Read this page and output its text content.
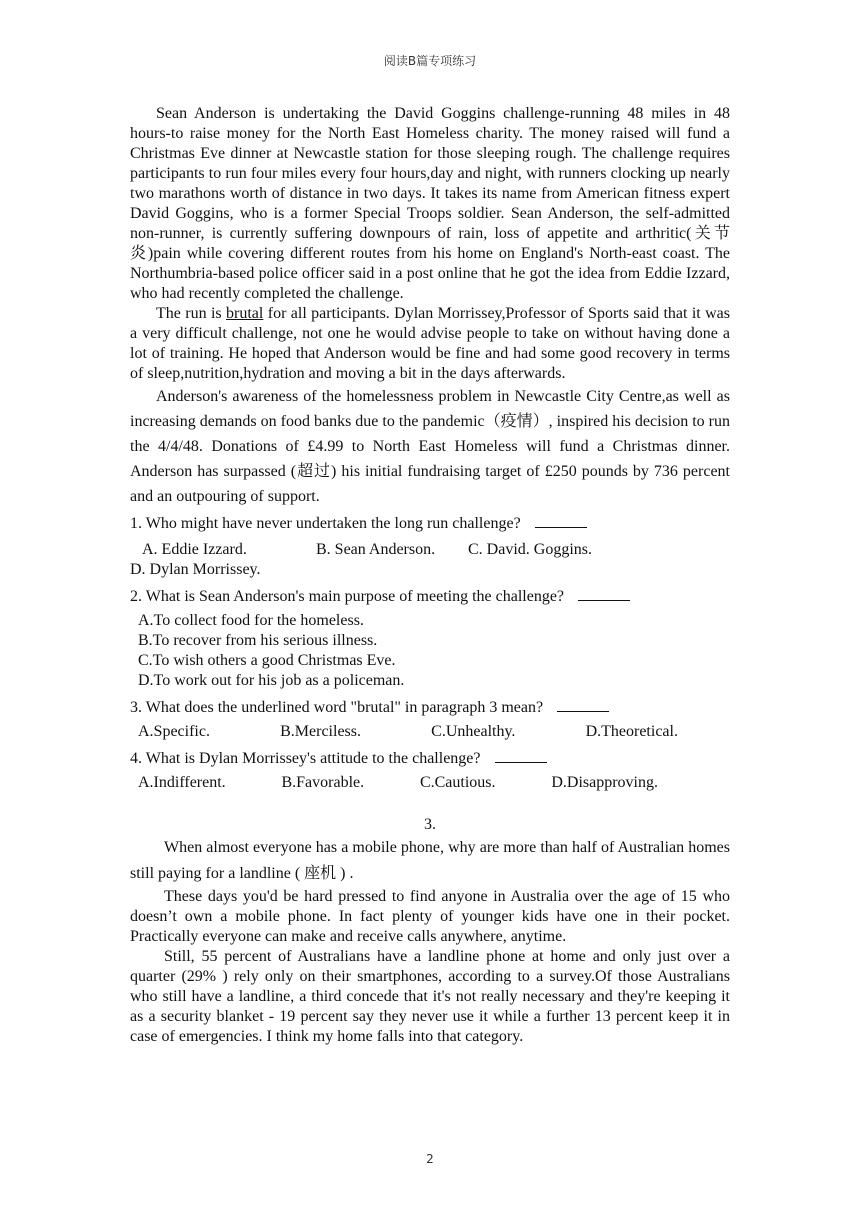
阅读B篇专项练习

Sean Anderson is undertaking the David Goggins challenge-running 48 miles in 48 hours-to raise money for the North East Homeless charity. The money raised will fund a Christmas Eve dinner at Newcastle station for those sleeping rough. The challenge requires participants to run four miles every four hours,day and night, with runners clocking up nearly two marathons worth of distance in two days. It takes its name from American fitness expert David Goggins, who is a former Special Troops soldier. Sean Anderson, the self-admitted non-runner, is currently suffering downpours of rain, loss of appetite and arthritic(关节炎)pain while covering different routes from his home on England's North-east coast. The Northumbria-based police officer said in a post online that he got the idea from Eddie Izzard, who had recently completed the challenge.

The run is brutal for all participants. Dylan Morrissey,Professor of Sports said that it was a very difficult challenge, not one he would advise people to take on without having done a lot of training. He hoped that Anderson would be fine and had some good recovery in terms of sleep,nutrition,hydration and moving a bit in the days afterwards.

Anderson's awareness of the homelessness problem in Newcastle City Centre,as well as increasing demands on food banks due to the pandemic（疫情）, inspired his decision to run the 4/4/48. Donations of £4.99 to North East Homeless will fund a Christmas dinner. Anderson has surpassed (超过) his initial fundraising target of £250 pounds by 736 percent and an outpouring of support.

1. Who might have never undertaken the long run challenge?
A. Eddie Izzard.	B. Sean Anderson. C. David. Goggins.D. Dylan Morrissey.
2. What is Sean Anderson's main purpose of meeting the challenge?
A.To collect food for the homeless.
B.To recover from his serious illness.
C.To wish others a good Christmas Eve.
D.To work out for his job as a policeman.
3. What does the underlined word "brutal" in paragraph 3 mean?
A.Specific.	B.Merciless.	C.Unhealthy.	D.Theoretical.
4. What is Dylan Morrissey's attitude to the challenge?
A.Indifferent.	B.Favorable.	C.Cautious.	D.Disapproving.
3.

When almost everyone has a mobile phone, why are more than half of Australian homes still paying for a landline ( 座机 ) .

These days you'd be hard pressed to find anyone in Australia over the age of 15 who doesn’t own a mobile phone. In fact plenty of younger kids have one in their pocket. Practically everyone can make and receive calls anywhere, anytime.

Still, 55 percent of Australians have a landline phone at home and only just over a quarter (29% ) rely only on their smartphones, according to a survey.Of those Australians who still have a landline, a third concede that it's not really necessary and they're keeping it as a security blanket - 19 percent say they never use it while a further 13 percent keep it in case of emergencies. I think my home falls into that category.

2
